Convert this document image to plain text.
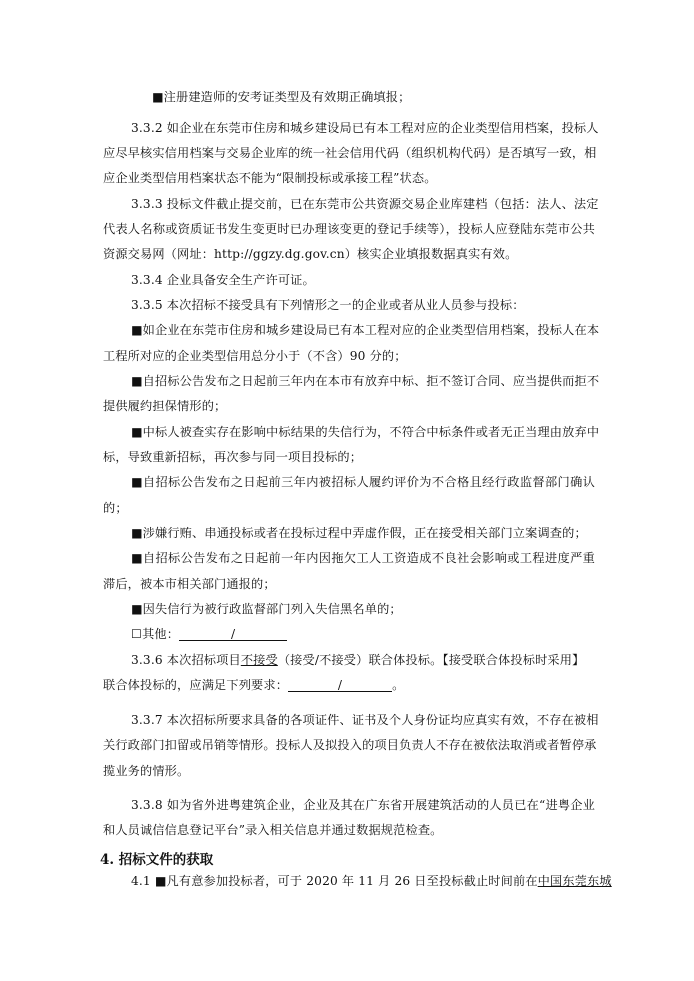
■注册建造师的安考证类型及有效期正确填报；
3.3.2 如企业在东莞市住房和城乡建设局已有本工程对应的企业类型信用档案，投标人
应尽早核实信用档案与交易企业库的统一社会信用代码（组织机构代码）是否填写一致，相
应企业类型信用档案状态不能为“限制投标或承接工程”状态。
3.3.3 投标文件截止提交前，已在东莞市公共资源交易企业库建档（包括：法人、法定
代表人名称或资质证书发生变更时已办理该变更的登记手续等），投标人应登陆东莞市公共
资源交易网（网址：http://ggzy.dg.gov.cn）核实企业填报数据真实有效。
3.3.4 企业具备安全生产许可证。
3.3.5 本次招标不接受具有下列情形之一的企业或者从业人员参与投标：
■如企业在东莞市住房和城乡建设局已有本工程对应的企业类型信用档案，投标人在本
工程所对应的企业类型信用总分小于（不含）90 分的；
■自招标公告发布之日起前三年内在本市有放弃中标、拒不签订合同、应当提供而拒不
提供履约担保情形的；
■中标人被查实存在影响中标结果的失信行为，不符合中标条件或者无正当理由放弃中
标，导致重新招标，再次参与同一项目投标的；
■自招标公告发布之日起前三年内被招标人履约评价为不合格且经行政监督部门确认
的；
■涉嫌行贿、串通投标或者在投标过程中弄虚作假，正在接受相关部门立案调查的；
■自招标公告发布之日起前一年内因拖欠工人工资造成不良社会影响或工程进度严重
滞后，被本市相关部门通报的；
■因失信行为被行政监督部门列入失信黑名单的；
☐其他：	/
3.3.6 本次招标项目不接受（接受/不接受）联合体投标。【接受联合体投标时采用】
联合体投标的，应满足下列要求：	/	。
3.3.7 本次招标所要求具备的各项证件、证书及个人身份证均应真实有效，不存在被相
关行政部门扣留或吊销等情形。投标人及拟投入的项目负责人不存在被依法取消或者暂停承
揽业务的情形。
3.3.8 如为省外进粤建筑企业，企业及其在广东省开展建筑活动的人员已在“进粤企业
和人员诚信信息登记平台”录入相关信息并通过数据规范检查。
4. 招标文件的获取
4.1 ■凡有意参加投标者，可于 2020 年 11 月 26 日至投标截止时间前在中国东莞东城
